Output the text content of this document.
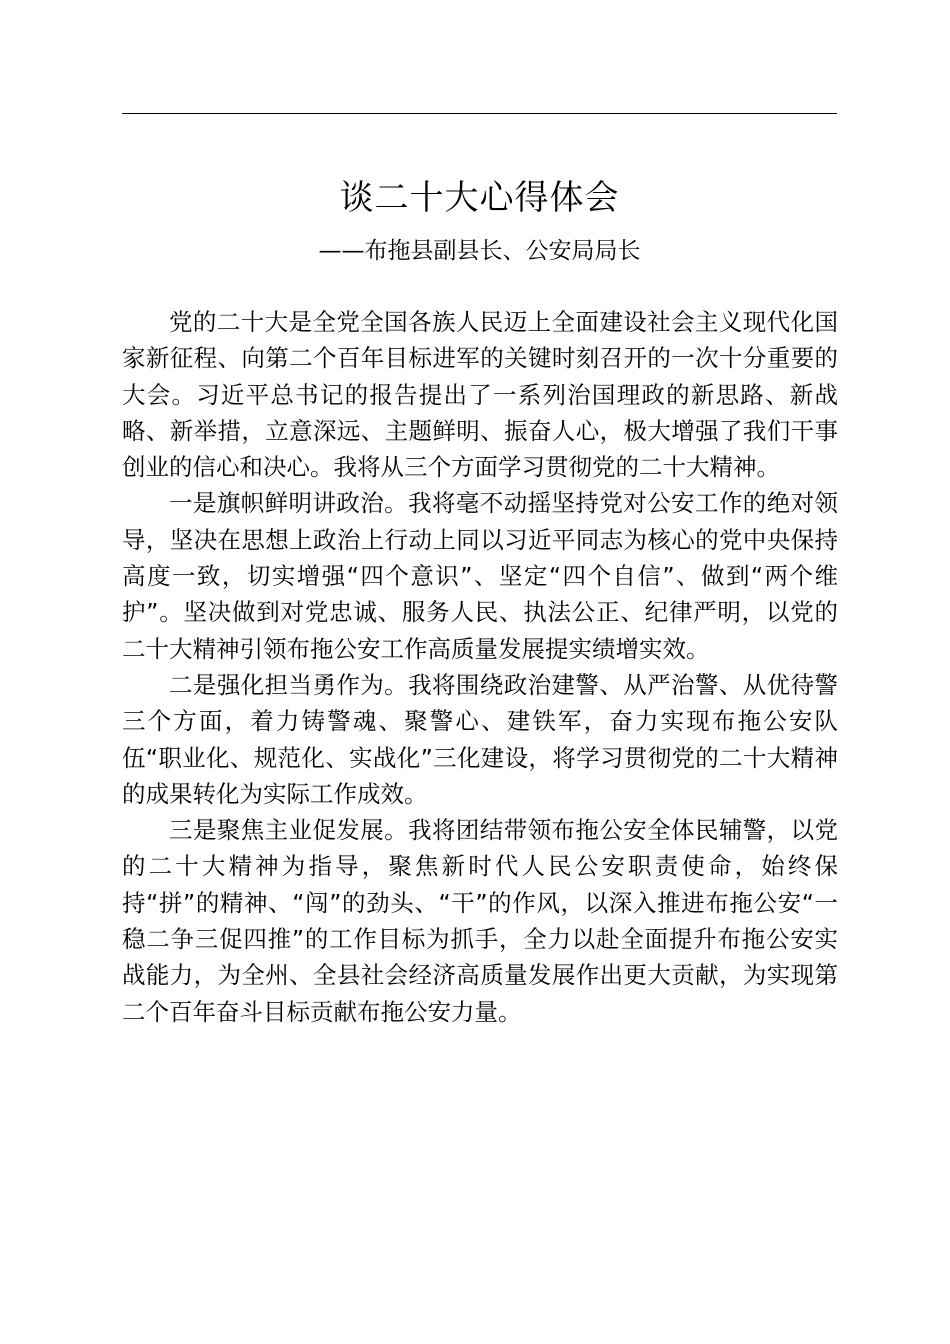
谈二十大心得体会

——布拖县副县长、公安局局长

党的二十大是全党全国各族人民迈上全面建设社会主义现代化国家新征程、向第二个百年目标进军的关键时刻召开的一次十分重要的大会。习近平总书记的报告提出了一系列治国理政的新思路、新战略、新举措，立意深远、主题鲜明、振奋人心，极大增强了我们干事创业的信心和决心。我将从三个方面学习贯彻党的二十大精神。

一是旗帜鲜明讲政治。我将毫不动摇坚持党对公安工作的绝对领导，坚决在思想上政治上行动上同以习近平同志为核心的党中央保持高度一致，切实增强“四个意识”、坚定“四个自信”、做到“两个维护”。坚决做到对党忠诚、服务人民、执法公正、纪律严明，以党的二十大精神引领布拖公安工作高质量发展提实绩增实效。

二是强化担当勇作为。我将围绕政治建警、从严治警、从优待警三个方面，着力铸警魂、聚警心、建铁军，奋力实现布拖公安队伍“职业化、规范化、实战化”三化建设，将学习贯彻党的二十大精神的成果转化为实际工作成效。

三是聚焦主业促发展。我将团结带领布拖公安全体民辅警，以党的二十大精神为指导，聚焦新时代人民公安职责使命，始终保持“拼”的精神、“闯”的劲头、“干”的作风，以深入推进布拖公安“一稳二争三促四推”的工作目标为抓手，全力以赴全面提升布拖公安实战能力，为全州、全县社会经济高质量发展作出更大贡献，为实现第二个百年奋斗目标贡献布拖公安力量。
